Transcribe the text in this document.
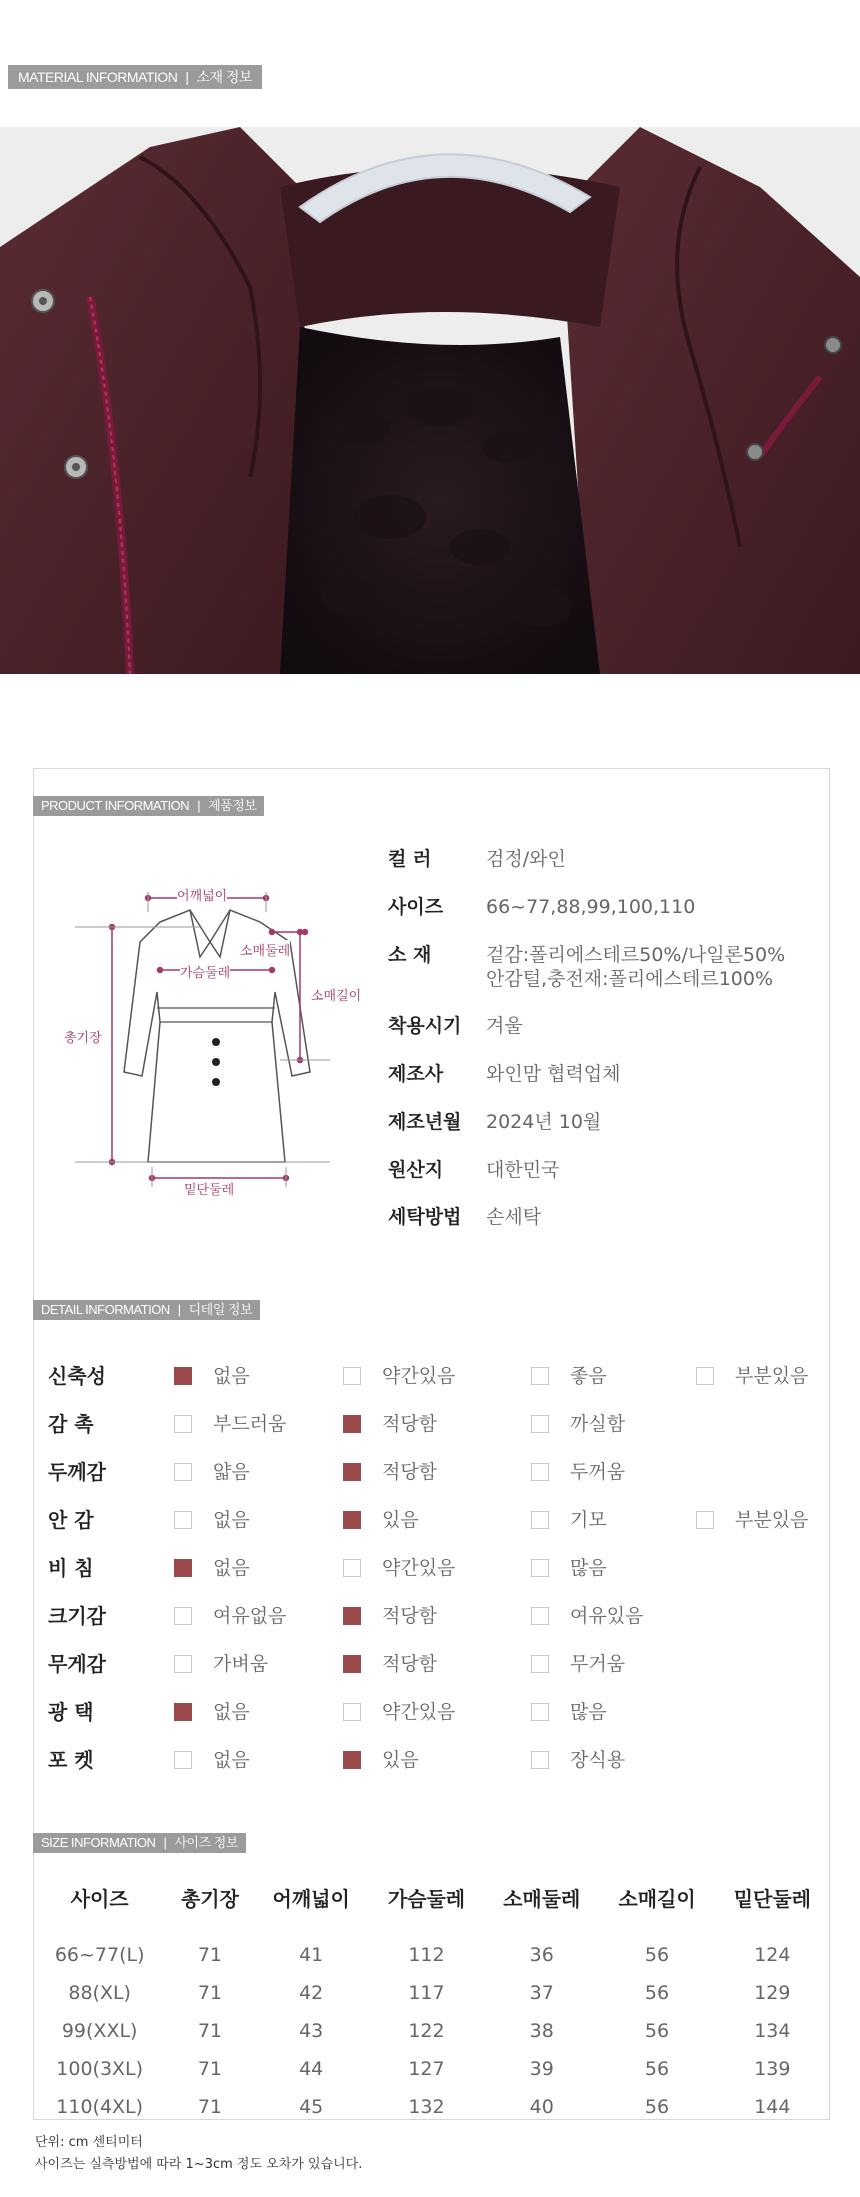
MATERIAL INFORMATION | 소재 정보
PRODUCT INFORMATION | 제품정보
어깨넓이
소매둘레
가슴둘레
소매길이
총기장
밑단둘레
컬 러	검정/와인
사이즈	66~77,88,99,100,110
소 재	겉감:폴리에스테르50%/나일론50%
안감털,충전재:폴리에스테르100%
착용시기	겨울
제조사	와인맘 협력업체
제조년월	2024년 10월
원산지	대한민국
세탁방법	손세탁
DETAIL INFORMATION | 디테일 정보
신축성	없음	약간있음	좋음	부분있음
감 촉	부드러움	적당함	까실함
두께감	얇음	적당함	두꺼움
안 감	없음	있음	기모	부분있음
비 침	없음	약간있음	많음
크기감	여유없음	적당함	여유있음
무게감	가벼움	적당함	무거움
광 택	없음	약간있음	많음
포 켓	없음	있음	장식용
SIZE INFORMATION | 사이즈 정보
사이즈	총기장	어깨넓이	가슴둘레	소매둘레	소매길이	밑단둘레

66~77(L)	71	41	112	36	56	124
88(XL)	71	42	117	37	56	129
99(XXL)	71	43	122	38	56	134
100(3XL)	71	44	127	39	56	139
110(4XL)	71	45	132	40	56	144
단위: cm 센티미터
사이즈는 실측방법에 따라 1~3cm 정도 오차가 있습니다.
